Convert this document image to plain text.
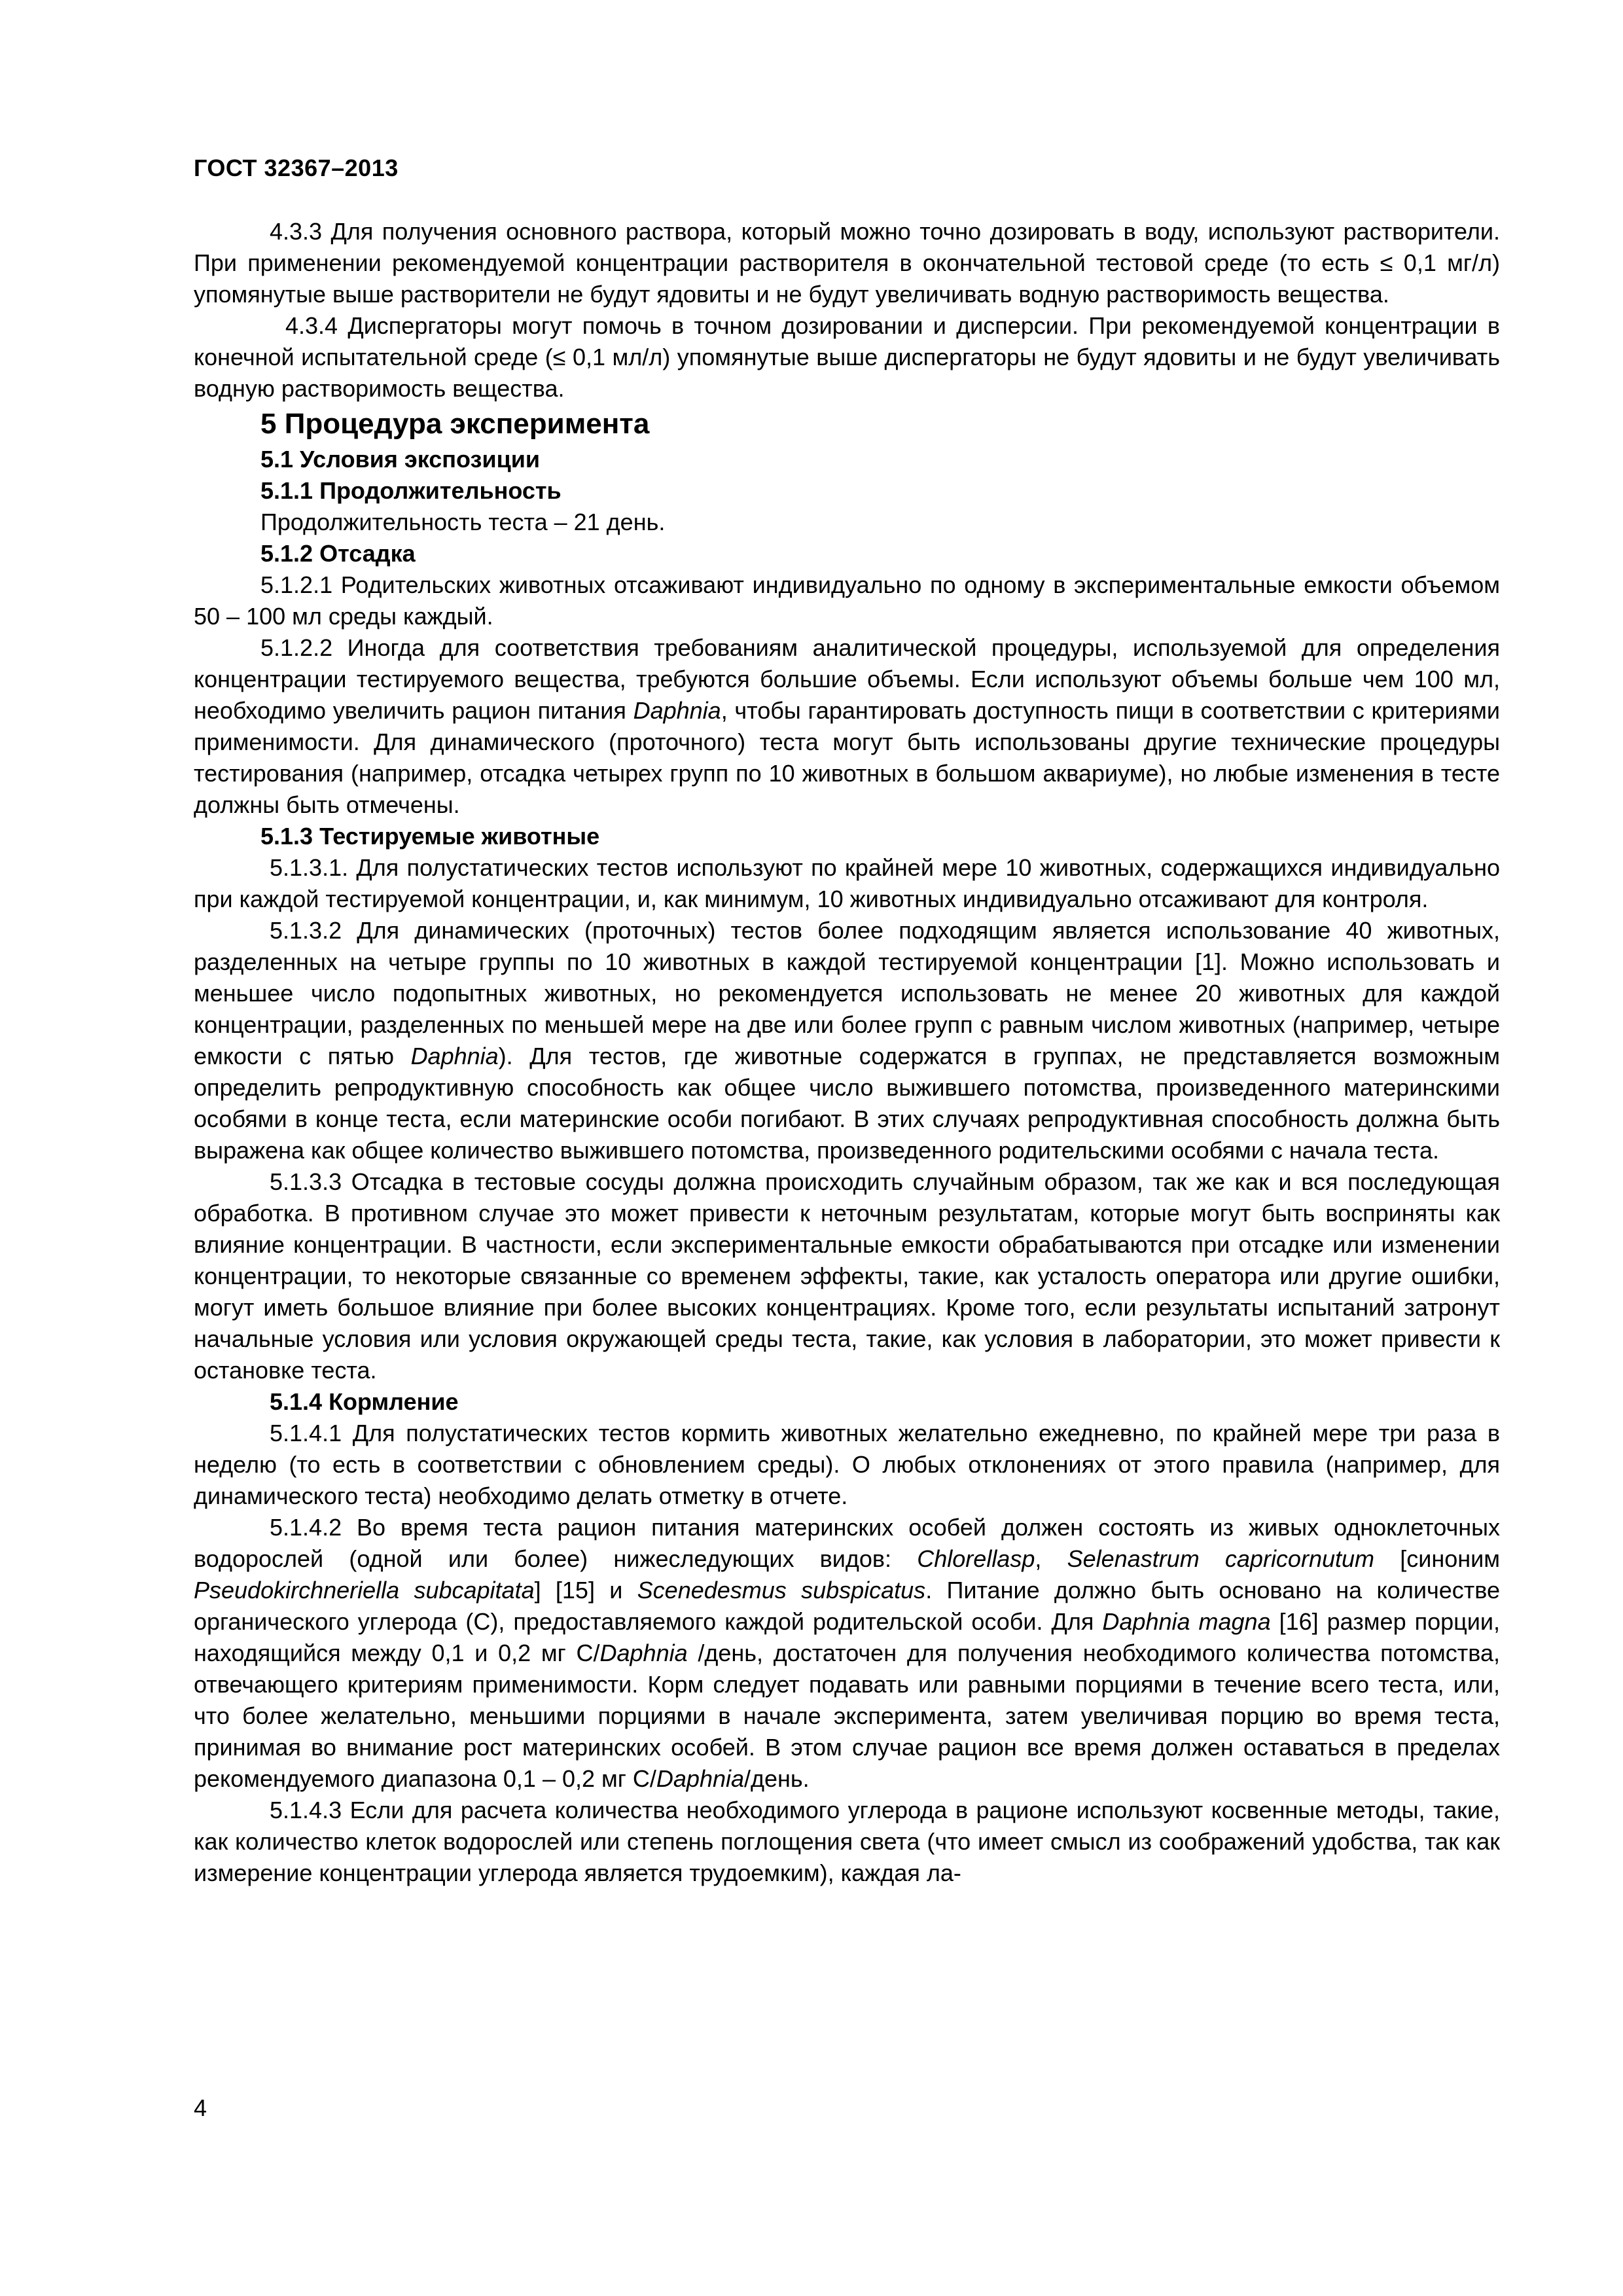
ГОСТ 32367–2013

4.3.3 Для получения основного раствора, который можно точно дозировать в воду, используют растворители. При применении рекомендуемой концентрации растворителя в окончательной тестовой среде (то есть ≤ 0,1 мг/л) упомянутые выше растворители не будут ядовиты и не будут увеличивать водную растворимость вещества.

4.3.4 Диспергаторы могут помочь в точном дозировании и дисперсии. При рекомендуемой концентрации в конечной испытательной среде (≤ 0,1 мл/л) упомянутые выше диспергаторы не будут ядовиты и не будут увеличивать водную растворимость вещества.

5 Процедура эксперимента

5.1 Условия экспозиции

5.1.1 Продолжительность

Продолжительность теста – 21 день.

5.1.2 Отсадка

5.1.2.1 Родительских животных отсаживают индивидуально по одному в экспериментальные емкости объемом 50 – 100 мл среды каждый.

5.1.2.2 Иногда для соответствия требованиям аналитической процедуры, используемой для определения концентрации тестируемого вещества, требуются большие объемы. Если используют объемы больше чем 100 мл, необходимо увеличить рацион питания Daphnia, чтобы гарантировать доступность пищи в соответствии с критериями применимости. Для динамического (проточного) теста могут быть использованы другие технические процедуры тестирования (например, отсадка четырех групп по 10 животных в большом аквариуме), но любые изменения в тесте должны быть отмечены.

5.1.3 Тестируемые животные

5.1.3.1. Для полустатических тестов используют по крайней мере 10 животных, содержащихся индивидуально при каждой тестируемой концентрации, и, как минимум, 10 животных индивидуально отсаживают для контроля.

5.1.3.2 Для динамических (проточных) тестов более подходящим является использование 40 животных, разделенных на четыре группы по 10 животных в каждой тестируемой концентрации [1]. Можно использовать и меньшее число подопытных животных, но рекомендуется использовать не менее 20 животных для каждой концентрации, разделенных по меньшей мере на две или более групп с равным числом животных (например, четыре емкости с пятью Daphnia). Для тестов, где животные содержатся в группах, не представляется возможным определить репродуктивную способность как общее число выжившего потомства, произведенного материнскими особями в конце теста, если материнские особи погибают. В этих случаях репродуктивная способность должна быть выражена как общее количество выжившего потомства, произведенного родительскими особями с начала теста.

5.1.3.3 Отсадка в тестовые сосуды должна происходить случайным образом, так же как и вся последующая обработка. В противном случае это может привести к неточным результатам, которые могут быть восприняты как влияние концентрации. В частности, если экспериментальные емкости обрабатываются при отсадке или изменении концентрации, то некоторые связанные со временем эффекты, такие, как усталость оператора или другие ошибки, могут иметь большое влияние при более высоких концентрациях. Кроме того, если результаты испытаний затронут начальные условия или условия окружающей среды теста, такие, как условия в лаборатории, это может привести к остановке теста.

5.1.4 Кормление

5.1.4.1 Для полустатических тестов кормить животных желательно ежедневно, по крайней мере три раза в неделю (то есть в соответствии с обновлением среды). О любых отклонениях от этого правила (например, для динамического теста) необходимо делать отметку в отчете.

5.1.4.2 Во время теста рацион питания материнских особей должен состоять из живых одноклеточных водорослей (одной или более) нижеследующих видов: Chlorellasp, Selenastrum capricornutum [синоним Pseudokirchneriella subcapitata] [15] и Scenedesmus subspicatus. Питание должно быть основано на количестве органического углерода (С), предоставляемого каждой родительской особи. Для Daphnia magna [16] размер порции, находящийся между 0,1 и 0,2 мг С/Daphnia /день, достаточен для получения необходимого количества потомства, отвечающего критериям применимости. Корм следует подавать или равными порциями в течение всего теста, или, что более желательно, меньшими порциями в начале эксперимента, затем увеличивая порцию во время теста, принимая во внимание рост материнских особей. В этом случае рацион все время должен оставаться в пределах рекомендуемого диапазона 0,1 – 0,2 мг С/Daphnia/день.

5.1.4.3 Если для расчета количества необходимого углерода в рационе используют косвенные методы, такие, как количество клеток водорослей или степень поглощения света (что имеет смысл из соображений удобства, так как измерение концентрации углерода является трудоемким), каждая ла-

4
